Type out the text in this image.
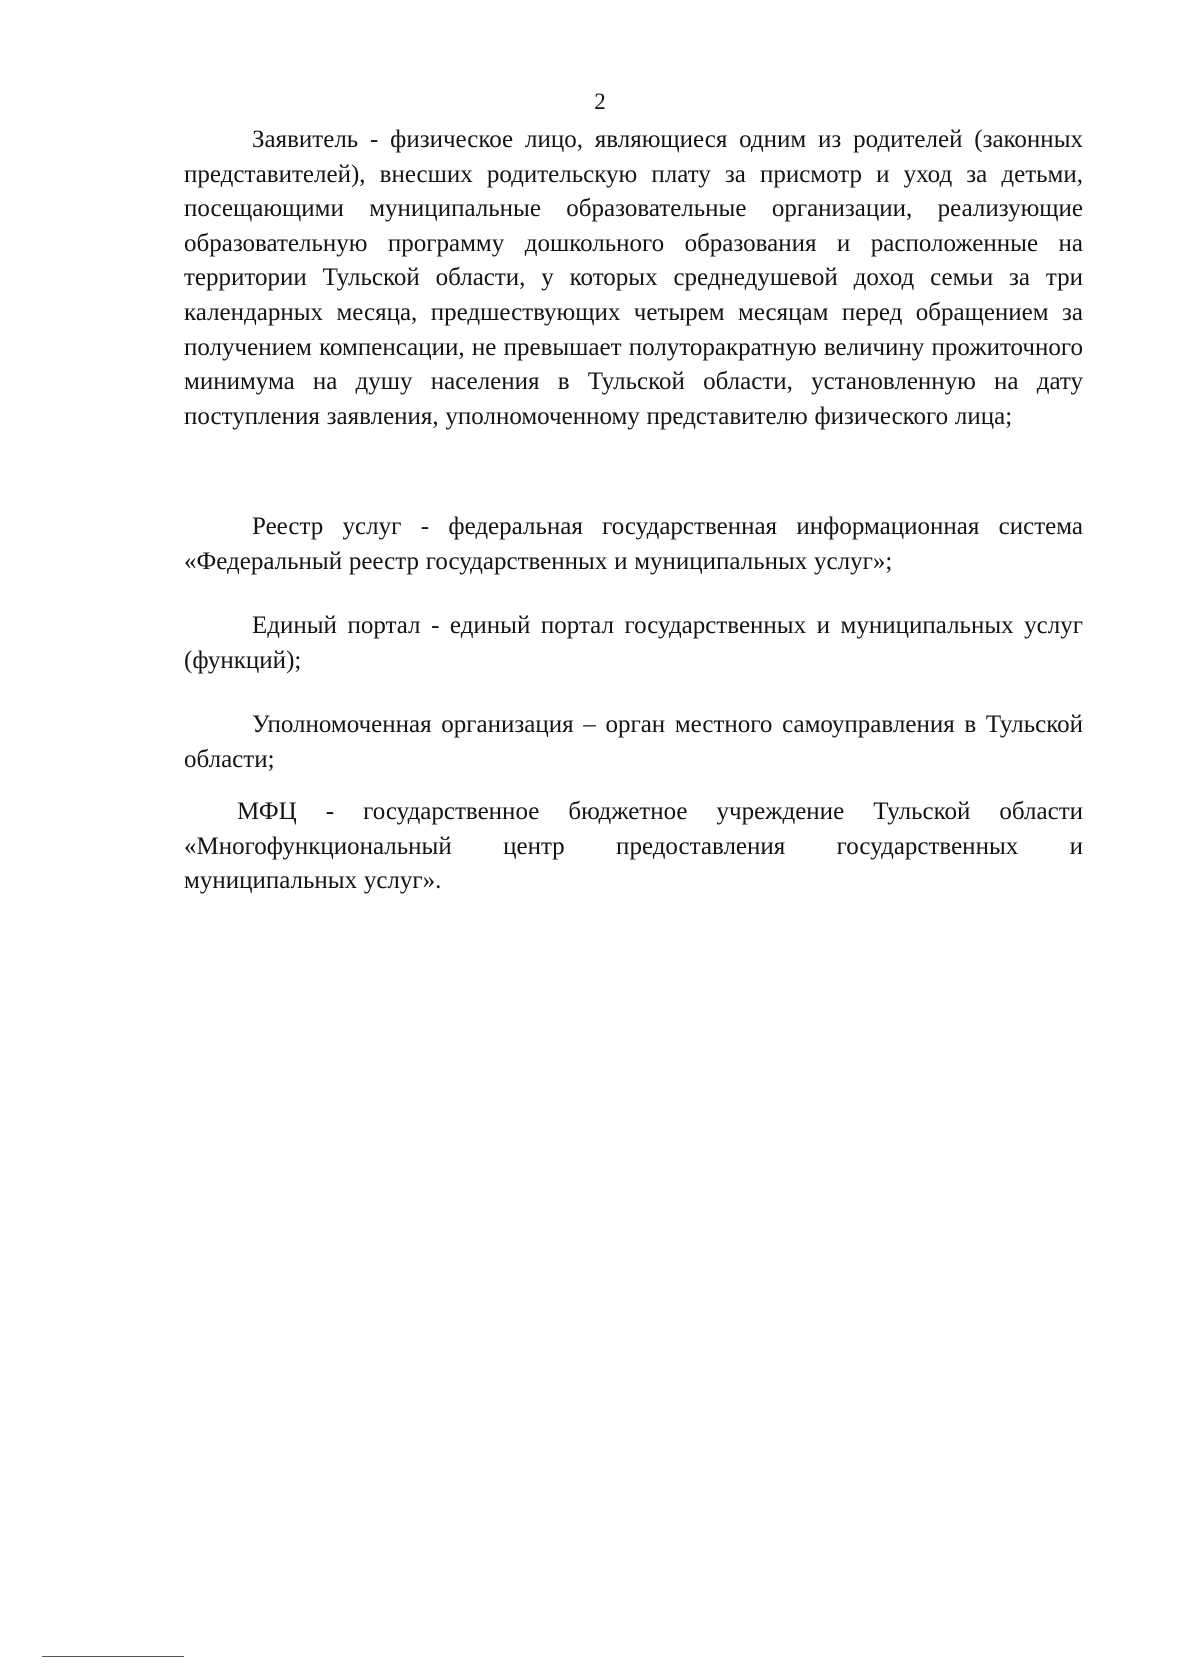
2

Заявитель - физическое лицо, являющиеся одним из родителей (законных представителей), внесших родительскую плату за присмотр и уход за детьми, посещающими муниципальные образовательные организации, реализующие образовательную программу дошкольного образования и расположенные на территории Тульской области, у которых среднедушевой доход семьи за три календарных месяца, предшествующих четырем месяцам перед обращением за получением компенсации, не превышает полуторакратную величину прожиточного минимума на душу населения в Тульской области, установленную на дату поступления заявления, уполномоченному представителю физического лица;

Реестр услуг - федеральная государственная информационная система «Федеральный реестр государственных и муниципальных услуг»;

Единый портал - единый портал государственных и муниципальных услуг (функций);

Уполномоченная организация – орган местного самоуправления в Тульской области;

МФЦ - государственное бюджетное учреждение Тульской области «Многофункциональный центр предоставления государственных и муниципальных услуг».
